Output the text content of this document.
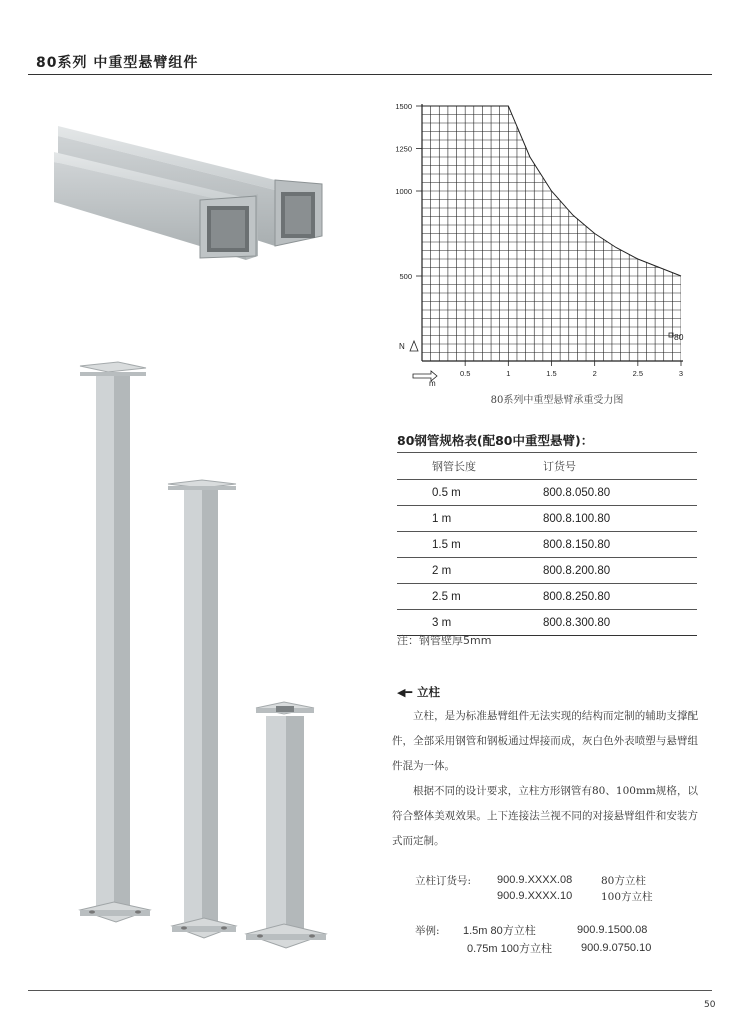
80系列 中重型悬臂组件
500
1000
1250
1500
0.5	1	1.5	2	2.5	3
N
m
80
80系列中重型悬臂承重受力图
80钢管规格表(配80中重型悬臂)：
钢管长度	订货号
0.5 m	800.8.050.80
1 m	800.8.100.80
1.5 m	800.8.150.80
2 m	800.8.200.80
2.5 m	800.8.250.80
3 m	800.8.300.80
注：钢管壁厚5mm
◀━ 立柱
立柱，是为标准悬臂组件无法实现的结构而定制的辅助支撑配件，全部采用钢管和钢板通过焊接而成，灰白色外表喷塑与悬臂组件混为一体。
根据不同的设计要求，立柱方形钢管有80、100mm规格，以符合整体美观效果。上下连接法兰视不同的对接悬臂组件和安装方式而定制。
立柱订货号:	900.9.XXXX.08	80方立柱
900.9.XXXX.10	100方立柱
举例:	1.5m 80方立柱	900.9.1500.08
0.75m 100方立柱	900.9.0750.10
50
